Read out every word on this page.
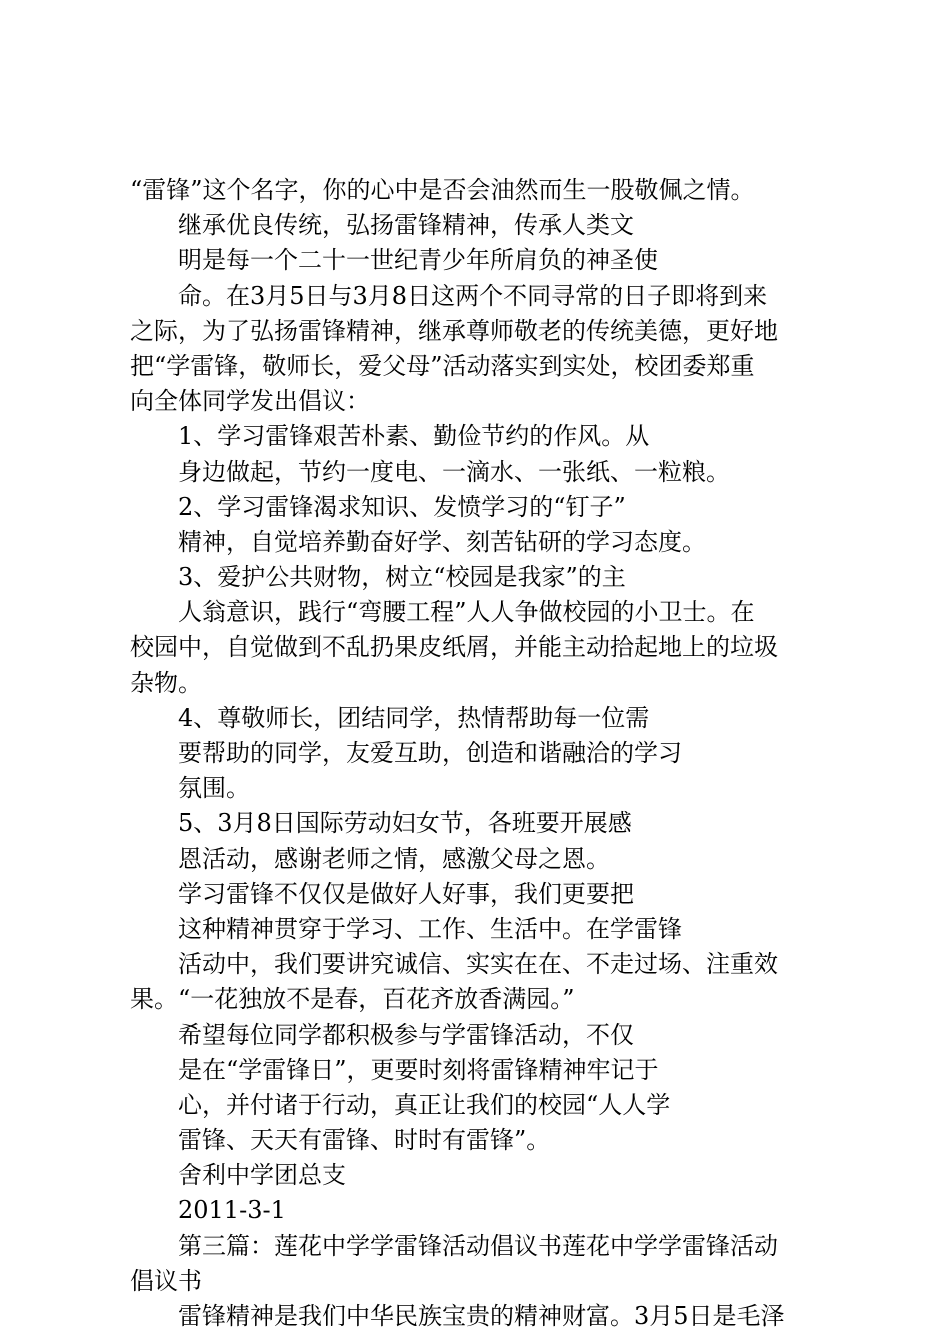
“雷锋”这个名字，你的心中是否会油然而生一股敬佩之情。
继承优良传统，弘扬雷锋精神，传承人类文
明是每一个二十一世纪青少年所肩负的神圣使
命。在3月5日与3月8日这两个不同寻常的日子即将到来
之际，为了弘扬雷锋精神，继承尊师敬老的传统美德，更好地
把“学雷锋，敬师长，爱父母”活动落实到实处，校团委郑重
向全体同学发出倡议：
1、学习雷锋艰苦朴素、勤俭节约的作风。从
身边做起，节约一度电、一滴水、一张纸、一粒粮。
2、学习雷锋渴求知识、发愤学习的“钉子”
精神，自觉培养勤奋好学、刻苦钻研的学习态度。
3、爱护公共财物，树立“校园是我家”的主
人翁意识，践行“弯腰工程”人人争做校园的小卫士。在
校园中，自觉做到不乱扔果皮纸屑，并能主动拾起地上的垃圾
杂物。
4、尊敬师长，团结同学，热情帮助每一位需
要帮助的同学，友爱互助，创造和谐融洽的学习
氛围。
5、3月8日国际劳动妇女节，各班要开展感
恩活动，感谢老师之情，感激父母之恩。
学习雷锋不仅仅是做好人好事，我们更要把
这种精神贯穿于学习、工作、生活中。在学雷锋
活动中，我们要讲究诚信、实实在在、不走过场、注重效
果。“一花独放不是春，百花齐放香满园。”
希望每位同学都积极参与学雷锋活动，不仅
是在“学雷锋日”，更要时刻将雷锋精神牢记于
心，并付诸于行动，真正让我们的校园“人人学
雷锋、天天有雷锋、时时有雷锋”。
舍利中学团总支
2011-3-1
第三篇：莲花中学学雷锋活动倡议书莲花中学学雷锋活动
倡议书
雷锋精神是我们中华民族宝贵的精神财富。3月5日是毛泽
